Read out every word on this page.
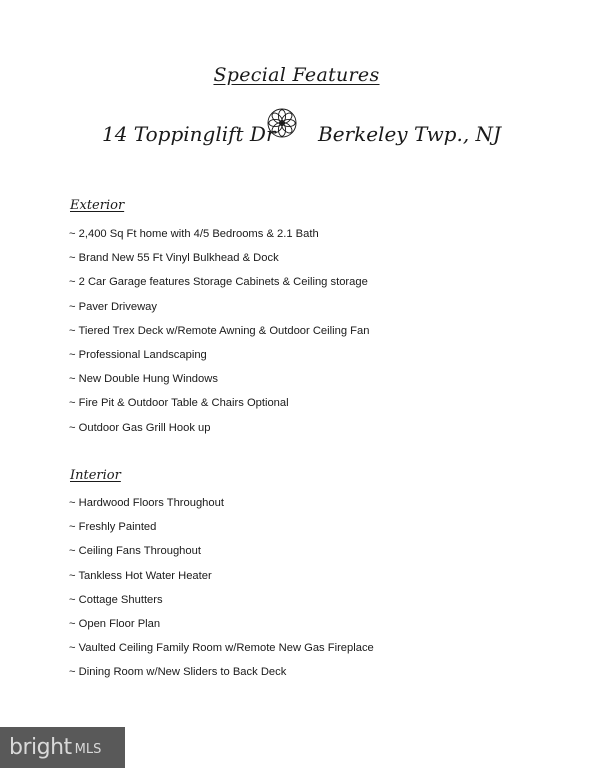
Special Features
14 Toppinglift Dr Berkeley Twp., NJ
Exterior
~ 2,400 Sq Ft home with 4/5 Bedrooms & 2.1 Bath
~ Brand New 55 Ft Vinyl Bulkhead & Dock
~ 2 Car Garage features Storage Cabinets & Ceiling storage
~ Paver Driveway
~ Tiered Trex Deck w/Remote Awning & Outdoor Ceiling Fan
~ Professional Landscaping
~ New Double Hung Windows
~ Fire Pit & Outdoor Table & Chairs Optional
~ Outdoor Gas Grill Hook up
Interior
~ Hardwood Floors Throughout
~ Freshly Painted
~ Ceiling Fans Throughout
~ Tankless Hot Water Heater
~ Cottage Shutters
~ Open Floor Plan
~ Vaulted Ceiling Family Room w/Remote New Gas Fireplace
~ Dining Room w/New Sliders to Back Deck
bright MLS
